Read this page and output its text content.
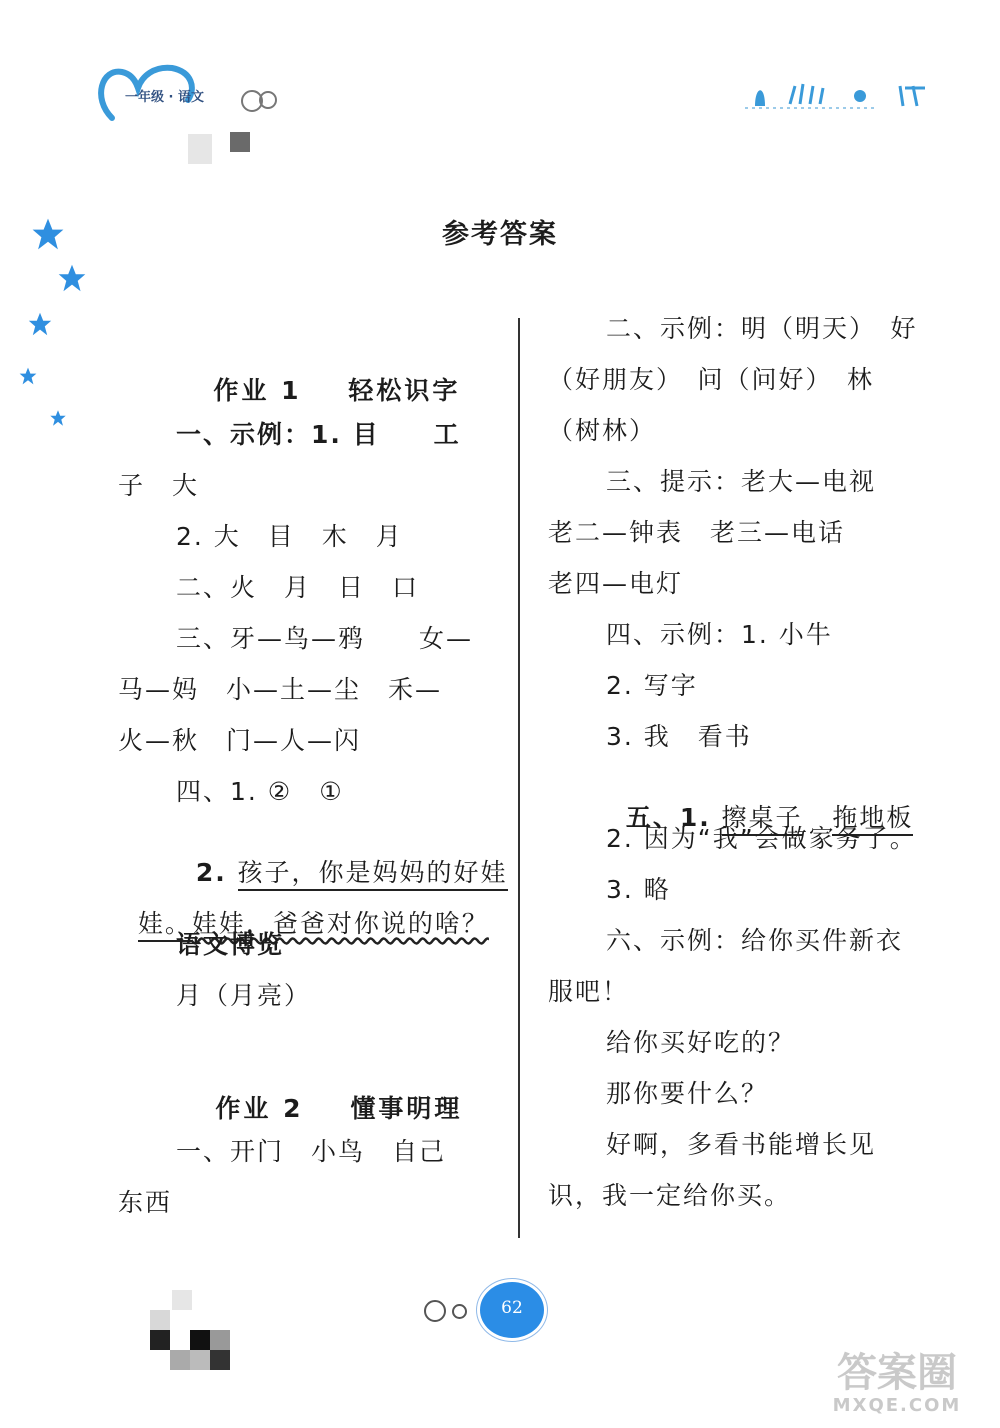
一年级 · 语文
参考答案

作业 1 轻松识字

一、示例：1. 目　　工
子　大
2. 大　目　木　月
二、火　月　日　口
三、牙—鸟—鸦　　女—
马—妈　小—土—尘　禾—
火—秋　门—人—闪
四、1. ②　①

2. 孩子，你是妈妈的好娃

娃。娃娃，爸爸对你说的啥？

语文博览
月（月亮）

作业 2 懂事明理

一、开门　小鸟　自己
东西
二、示例：明（明天）　好
（好朋友）　问（问好）　林
（树林）
三、提示：老大—电视
老二—钟表　老三—电话
老四—电灯
四、示例：1. 小牛
2. 写字
3. 我　看书

五、1. 擦桌子 拖地板

2. 因为“我”会做家务了。
3. 略
六、示例：给你买件新衣
服吧！
给你买好吃的？
那你要什么？
好啊，多看书能增长见
识，我一定给你买。
62
答案圈
MXQE.COM
